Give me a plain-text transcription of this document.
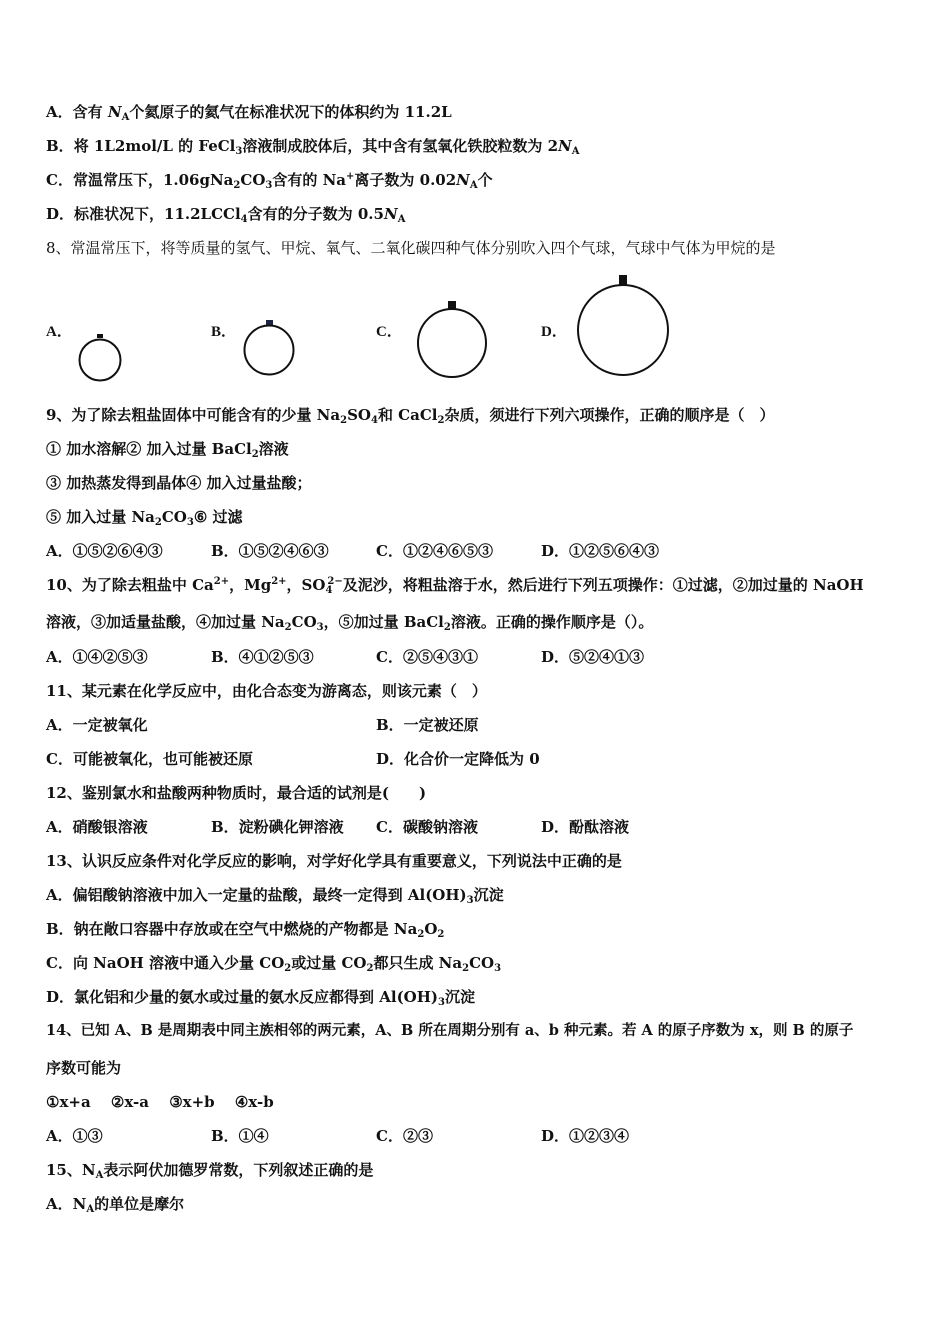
A．含有 $N_A$个氦原子的氦气在标准状况下的体积约为 11.2L
B．将 1L2mol/L 的 FeCl$_3$溶液制成胶体后，其中含有氢氧化铁胶粒数为 $2N_A$
C．常温常压下，$1.06gNa_2CO_3$含有的 Na+离子数为 $0.02N_A$个
D．标准状况下，11.2LCCl$_4$含有的分子数为 $0.5N_A$
8、常温常压下，将等质量的氢气、甲烷、氧气、二氧化碳四种气体分别吹入四个气球，气球中气体为甲烷的是
A．	B．	C．	D．
9、为了除去粗盐固体中可能含有的少量 $Na_2SO_4$和 CaCl$_2$杂质，须进行下列六项操作，正确的顺序是（　）
① 加水溶解② 加入过量 BaCl$_2$溶液
③ 加热蒸发得到晶体④ 加入过量盐酸；
⑤ 加入过量 $Na_2CO_3⑥$ 过滤
A．①⑤②⑥④③	B．①⑤②④⑥③	C．①②④⑥⑤③	D．①②⑤⑥④③
10、为了除去粗盐中 $Ca^{2+}$，$Mg^{2+}$，$SO_4^{2-}$及泥沙，将粗盐溶于水，然后进行下列五项操作：①过滤，②加过量的 NaOH
溶液，③加适量盐酸，④加过量 $Na_2CO_3$，⑤加过量 BaCl$_2$溶液。正确的操作顺序是（）。
A．①④②⑤③	B．④①②⑤③	C．②⑤④③①	D．⑤②④①③
11、某元素在化学反应中，由化合态变为游离态，则该元素（　）
A．一定被氧化	B．一定被还原
C．可能被氧化，也可能被还原	D．化合价一定降低为 0
12、鉴别氯水和盐酸两种物质时，最合适的试剂是(　　)
A．硝酸银溶液	B．淀粉碘化钾溶液 C．碳酸钠溶液	D．酚酞溶液
13、认识反应条件对化学反应的影响，对学好化学具有重要意义，下列说法中正确的是
A．偏铝酸钠溶液中加入一定量的盐酸，最终一定得到 $Al(OH)_3$沉淀
B．钠在敞口容器中存放或在空气中燃烧的产物都是 $Na_2O_2$
C．向 NaOH 溶液中通入少量 $CO_2$或过量 $CO_2$都只生成 $Na_2CO_3$
D．氯化铝和少量的氨水或过量的氨水反应都得到 $Al(OH)_3$沉淀
14、已知 A、B 是周期表中同主族相邻的两元素，A、B 所在周期分别有 a、b 种元素。若 A 的原子序数为 x，则 B 的原子
序数可能为
①x+a　 ②x-a　 ③x+b　 ④x-b
A．①③	B．①④	C．②③	D．①②③④
15、$N_A$表示阿伏加德罗常数，下列叙述正确的是
A．$N_A$的单位是摩尔
